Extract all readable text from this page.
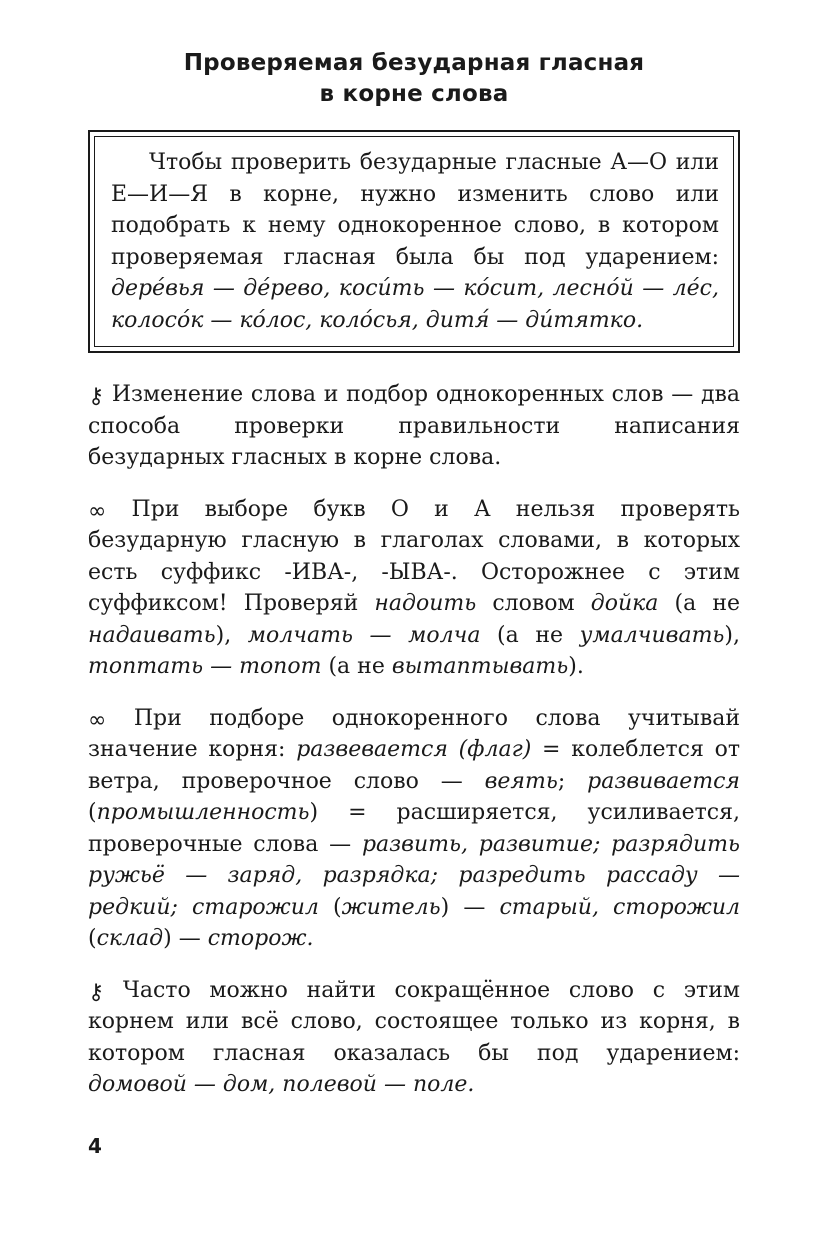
Проверяемая безударная гласная
в корне слова
Чтобы проверить безударные гласные А—О или Е—И—Я в корне, нужно изменить слово или подобрать к нему однокоренное слово, в котором проверяемая гласная была бы под ударением: дерéвья — дéрево, косúть — кóсит, леснóй — лéс, колосóк — кóлос, колóсья, дитя́ — дúтятко.

⚷ Изменение слова и подбор однокоренных слов — два способа проверки правильности написания безударных гласных в корне слова.

∞ При выборе букв О и А нельзя проверять безударную гласную в глаголах словами, в которых есть суффикс -ИВА-, -ЫВА-. Осторожнее с этим суффиксом! Проверяй надоить словом дойка (а не надаивать), молчать — молча (а не умалчивать), топтать — топот (а не вытаптывать).

∞ При подборе однокоренного слова учитывай значение корня: развевается (флаг) = колеблется от ветра, проверочное слово — веять; развивается (промышленность) = расширяется, усиливается, проверочные слова — развить, развитие; разрядить ружьё — заряд, разрядка; разредить рассаду — редкий; старожил (житель) — старый, сторожил (склад) — сторож.

⚷ Часто можно найти сокращённое слово с этим корнем или всё слово, состоящее только из корня, в котором гласная оказалась бы под ударением: домовой — дом, полевой — поле.

4
